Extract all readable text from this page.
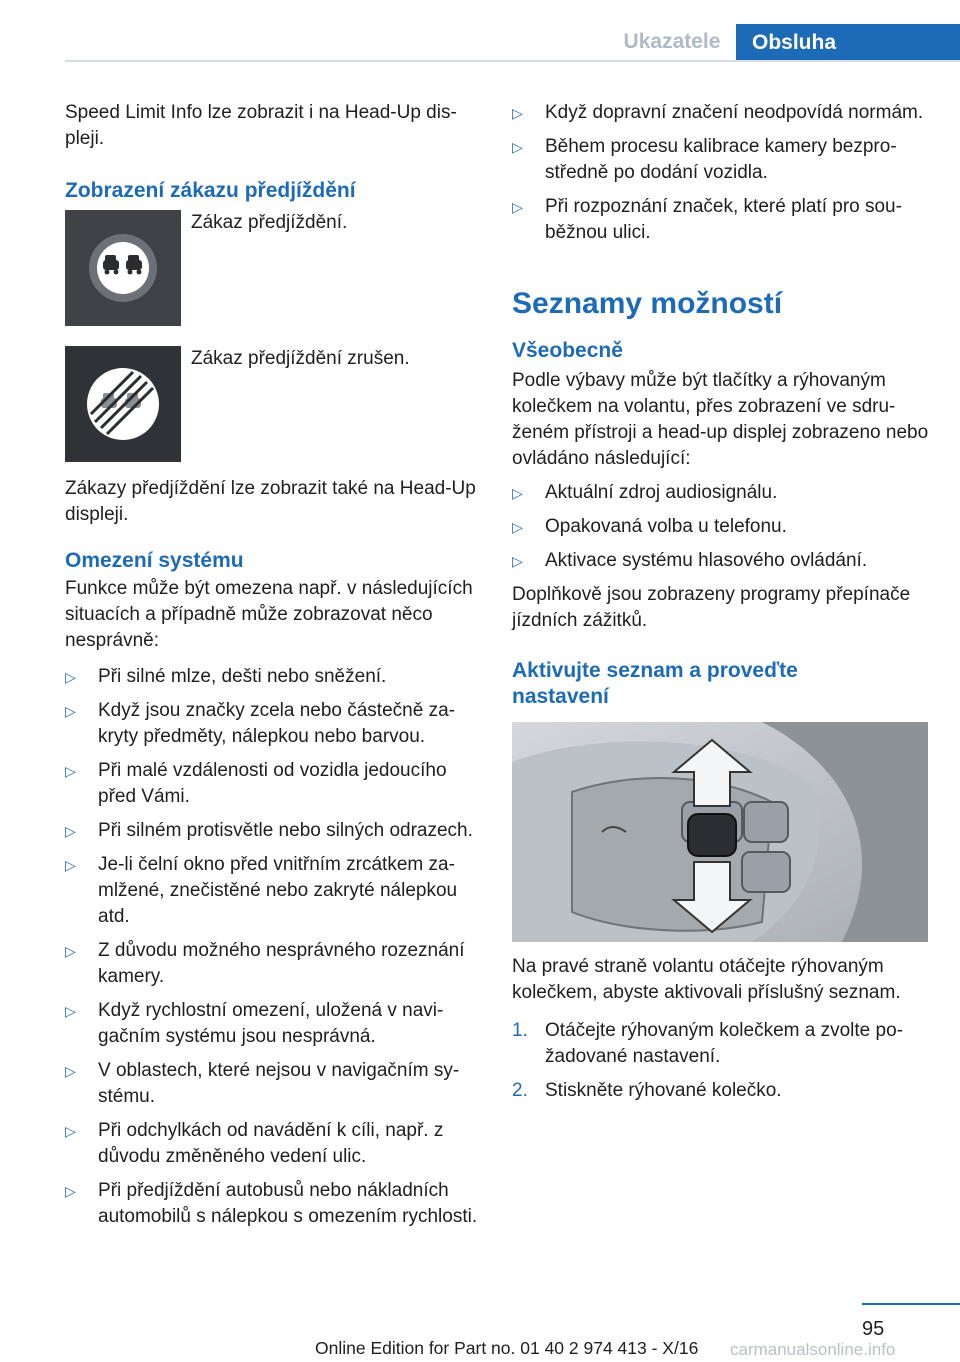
Ukazatele	Obsluha

Speed Limit Info lze zobrazit i na Head-Up displeji.

Zobrazení zákazu předjíždění
Zákaz předjíždění.
Zákaz předjíždění zrušen.

Zákazy předjíždění lze zobrazit také na Head-Up displeji.

Omezení systému

Funkce může být omezena např. v následujících situacích a případně může zobrazovat něco nesprávně:

▷ Při silné mlze, dešti nebo sněžení.
▷ Když jsou značky zcela nebo částečně zakryty předměty, nálepkou nebo barvou.
▷ Při malé vzdálenosti od vozidla jedoucího před Vámi.
▷ Při silném protisvětle nebo silných odrazech.
▷ Je-li čelní okno před vnitřním zrcátkem zamlžené, znečistěné nebo zakryté nálepkou atd.
▷ Z důvodu možného nesprávného rozeznání kamery.
▷ Když rychlostní omezení, uložená v navigačním systému jsou nesprávná.
▷ V oblastech, které nejsou v navigačním systému.
▷ Při odchylkách od navádění k cíli, např. z důvodu změněného vedení ulic.
▷ Při předjíždění autobusů nebo nákladních automobilů s nálepkou s omezením rychlosti.
▷ Když dopravní značení neodpovídá normám.
▷ Během procesu kalibrace kamery bezprostředně po dodání vozidla.
▷ Při rozpoznání značek, které platí pro souběžnou ulici.
Seznamy možností
Všeobecně

Podle výbavy může být tlačítky a rýhovaným kolečkem na volantu, přes zobrazení ve sdruženém přístroji a head-up displej zobrazeno nebo ovládáno následující:

▷ Aktuální zdroj audiosignálu.
▷ Opakovaná volba u telefonu.
▷ Aktivace systému hlasového ovládání.

Doplňkově jsou zobrazeny programy přepínače jízdních zážitků.

Aktivujte seznam a proveďte nastavení

Na pravé straně volantu otáčejte rýhovaným kolečkem, abyste aktivovali příslušný seznam.

1. Otáčejte rýhovaným kolečkem a zvolte požadované nastavení.
2. Stiskněte rýhované kolečko.
95
carmanualsonline.info
Online Edition for Part no. 01 40 2 974 413 - X/16
